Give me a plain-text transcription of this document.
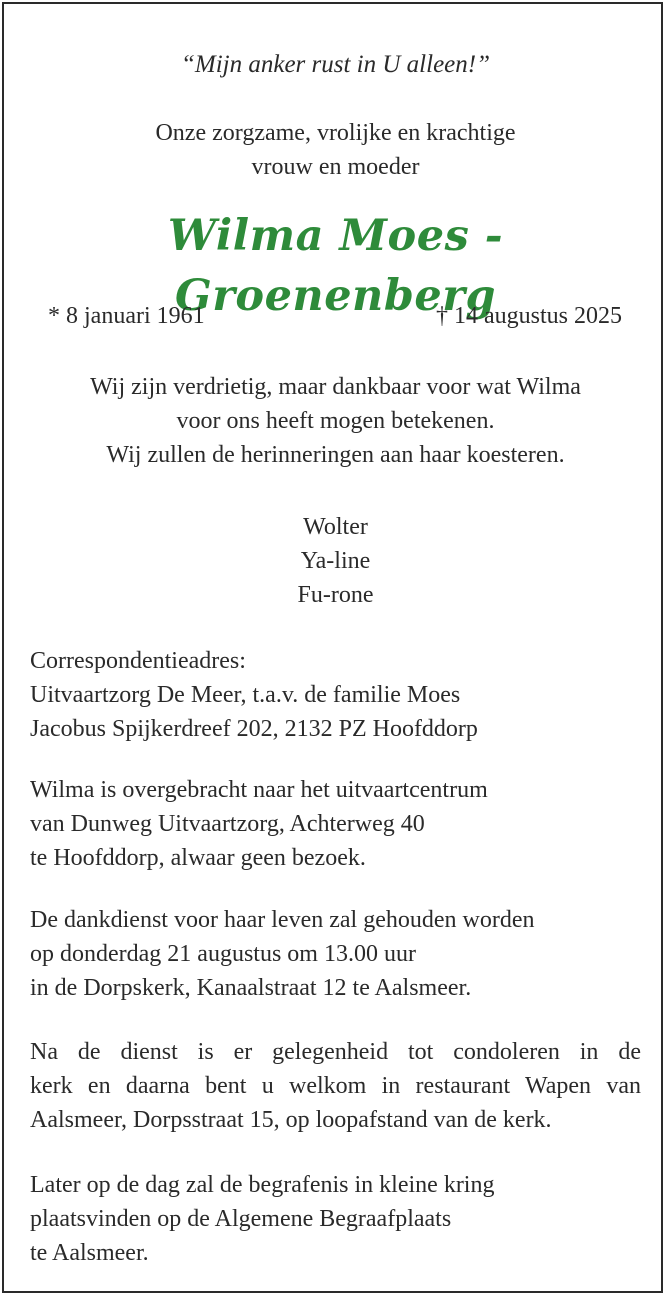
“Mijn anker rust in U alleen!”
Onze zorgzame, vrolijke en krachtige
vrouw en moeder
Wilma Moes - Groenenberg
* 8 januari 1961	† 14 augustus 2025
Wij zijn verdrietig, maar dankbaar voor wat Wilma
voor ons heeft mogen betekenen.
Wij zullen de herinneringen aan haar koesteren.
Wolter
Ya-line
Fu-rone
Correspondentieadres:
Uitvaartzorg De Meer, t.a.v. de familie Moes
Jacobus Spijkerdreef 202, 2132 PZ Hoofddorp
Wilma is overgebracht naar het uitvaartcentrum
van Dunweg Uitvaartzorg, Achterweg 40
te Hoofddorp, alwaar geen bezoek.
De dankdienst voor haar leven zal gehouden worden
op donderdag 21 augustus om 13.00 uur
in de Dorpskerk, Kanaalstraat 12 te Aalsmeer.
Na de dienst is er gelegenheid tot condoleren in de
kerk en daarna bent u welkom in restaurant Wapen van
Aalsmeer, Dorpsstraat 15, op loopafstand van de kerk.
Later op de dag zal de begrafenis in kleine kring
plaatsvinden op de Algemene Begraafplaats
te Aalsmeer.
